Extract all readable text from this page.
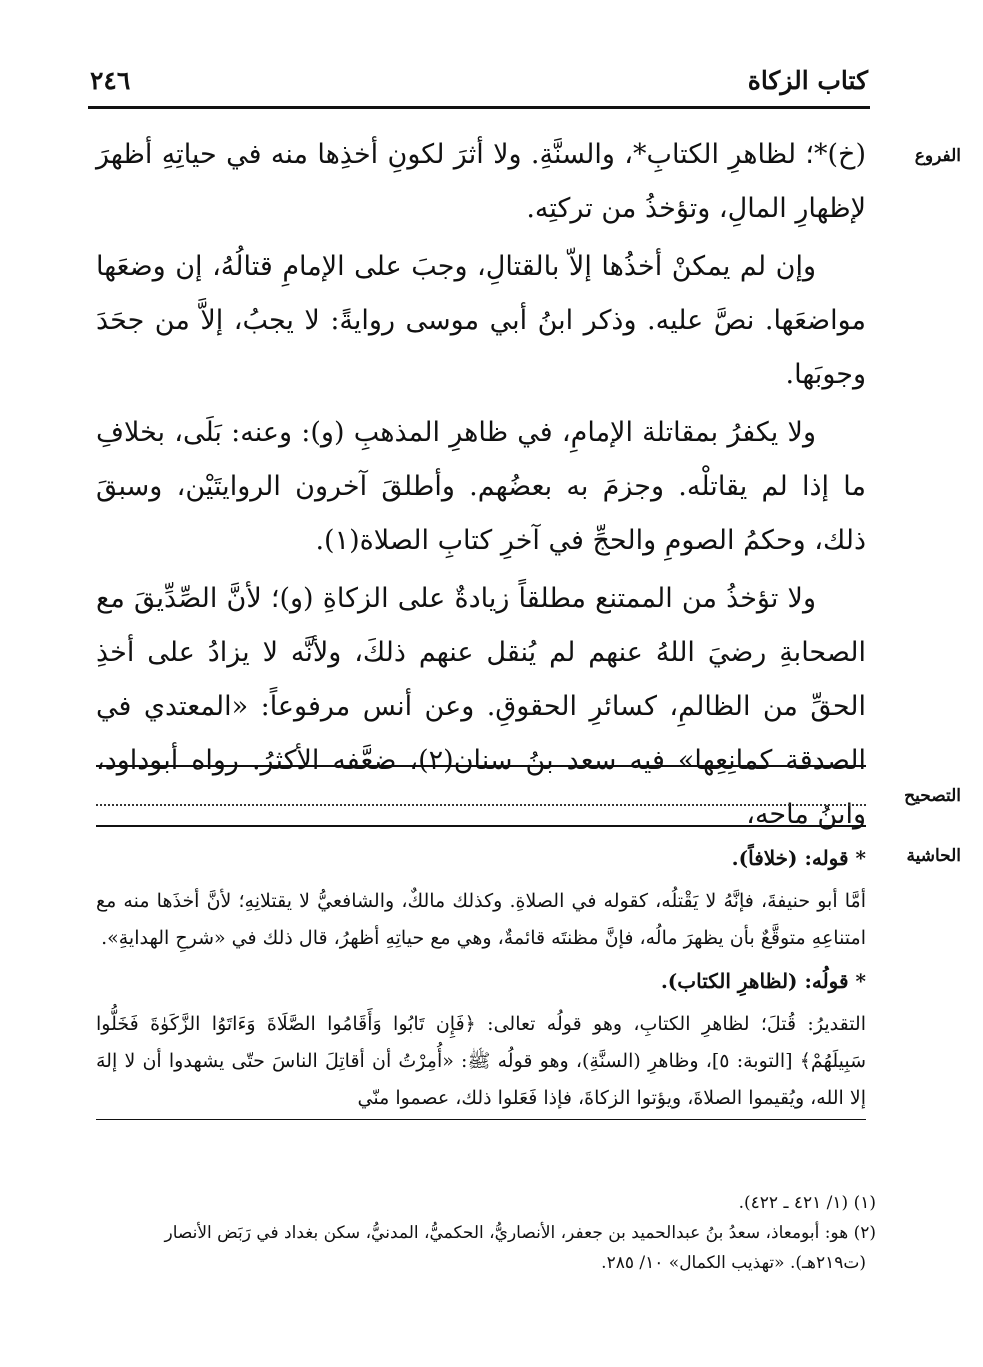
كتاب الزكاة
٢٤٦
الفروع
التصحيح
الحاشية

(خ)*؛ لظاهرِ الكتابِ*، والسنَّةِ. ولا أثرَ لكونِ أخذِها منه في حياتِهِ أظهرَ لإظهارِ المالِ، وتؤخذُ من تركتِه.

وإن لم يمكنْ أخذُها إلاّ بالقتالِ، وجبَ على الإمامِ قتالُهُ، إن وضعَها مواضعَها. نصَّ عليه. وذكر ابنُ أبي موسى روايةً: لا يجبُ، إلاَّ من جحَدَ وجوبَها.

ولا يكفرُ بمقاتلة الإمامِ، في ظاهرِ المذهبِ (و): وعنه: بَلَى، بخلافِ ما إذا لم يقاتلْه. وجزمَ به بعضُهم. وأطلقَ آخرون الروايتَيْن، وسبقَ ذلك، وحكمُ الصومِ والحجِّ في آخرِ كتابِ الصلاة(١).

ولا تؤخذُ من الممتنع مطلقاً زيادةٌ على الزكاةِ (و)؛ لأنَّ الصِّدِّيقَ مع الصحابةِ رضيَ اللهُ عنهم لم يُنقل عنهم ذلكَ، ولأنَّه لا يزادُ على أخذِ الحقِّ من الظالمِ، كسائرِ الحقوقِ. وعن أنس مرفوعاً: «المعتدي في الصدقة كمانِعِها» فيه سعد بنُ سنان(٢)، ضعَّفه الأكثرُ. رواه أبوداود، وابنُ ماجه،

* قوله: (خلافاً).

أمَّا أبو حنيفةَ، فإنَّهُ لا يَقْتلُه، كقوله في الصلاةِ. وكذلك مالكٌ، والشافعيُّ لا يقتلانِهِ؛ لأنَّ أخذَها منه مع امتناعِهِ متوقَّعٌ بأن يظهرَ مالُه، فإنَّ مظنتَه قائمةٌ، وهي مع حياتِهِ أظهرُ، قال ذلك في «شرحِ الهدايةِ».

* قولُه: (لظاهرِ الكتاب).

التقديرُ: قُتلَ؛ لظاهرِ الكتابِ، وهو قولُه تعالى: ﴿فَإِن تَابُوا وَأَقَامُوا الصَّلَاةَ وَءَاتَوُا الزَّكَوٰةَ فَخَلُّوا سَبِيلَهُمْ﴾ [التوبة: ٥]، وظاهرِ (السنَّةِ)، وهو قولُه ﷺ: «أُمِرْتُ أن أقاتِلَ الناسَ حتّى يشهدوا أن لا إلهَ إلا الله، ويُقيموا الصلاةَ، ويؤتوا الزكاةَ، فإذا فَعَلوا ذلك، عصموا منّي

(١) (١/ ٤٢١ ـ ٤٢٢).

(٢) هو: أبومعاذ، سعدُ بنُ عبدالحميد بن جعفر، الأنصاريُّ، الحكميُّ، المدنيُّ، سكن بغداد في رَبَض الأنصار

(ت٢١٩هـ). «تهذيب الكمال» ١٠/ ٢٨٥.
